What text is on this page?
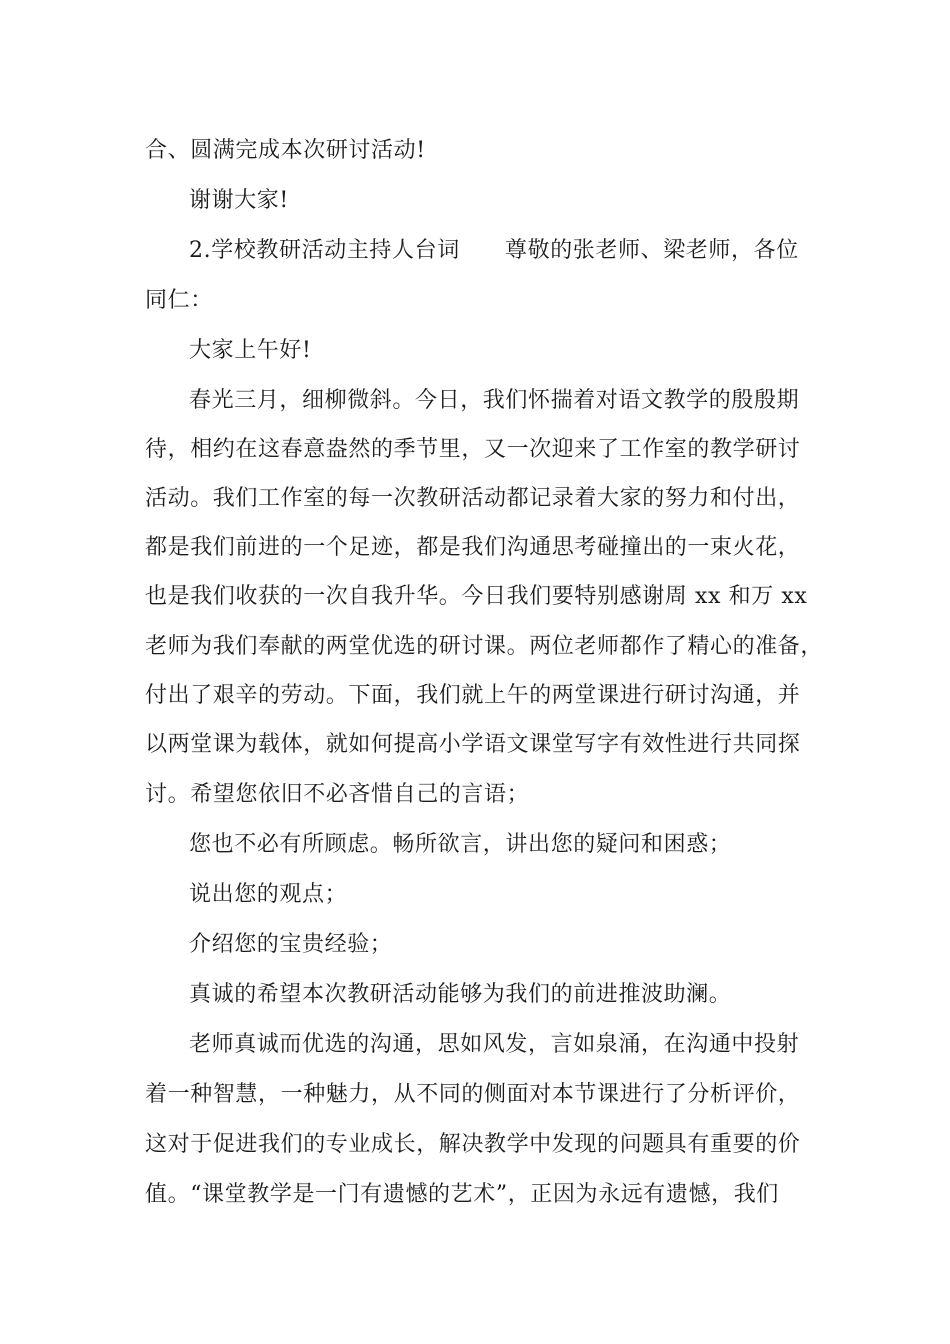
合、圆满完成本次研讨活动!
谢谢大家!
2.学校教研活动主持人台词　　尊敬的张老师、梁老师，各位
同仁：
大家上午好!
春光三月，细柳微斜。今日，我们怀揣着对语文教学的殷殷期
待，相约在这春意盎然的季节里，又一次迎来了工作室的教学研讨
活动。我们工作室的每一次教研活动都记录着大家的努力和付出，
都是我们前进的一个足迹，都是我们沟通思考碰撞出的一束火花，
也是我们收获的一次自我升华。今日我们要特别感谢周 xx 和万 xx
老师为我们奉献的两堂优选的研讨课。两位老师都作了精心的准备，
付出了艰辛的劳动。下面，我们就上午的两堂课进行研讨沟通，并
以两堂课为载体，就如何提高小学语文课堂写字有效性进行共同探
讨。希望您依旧不必吝惜自己的言语；
您也不必有所顾虑。畅所欲言，讲出您的疑问和困惑；
说出您的观点；
介绍您的宝贵经验；
真诚的希望本次教研活动能够为我们的前进推波助澜。
老师真诚而优选的沟通，思如风发，言如泉涌，在沟通中投射
着一种智慧，一种魅力，从不同的侧面对本节课进行了分析评价，
这对于促进我们的专业成长，解决教学中发现的问题具有重要的价
值。“课堂教学是一门有遗憾的艺术”，正因为永远有遗憾，我们
